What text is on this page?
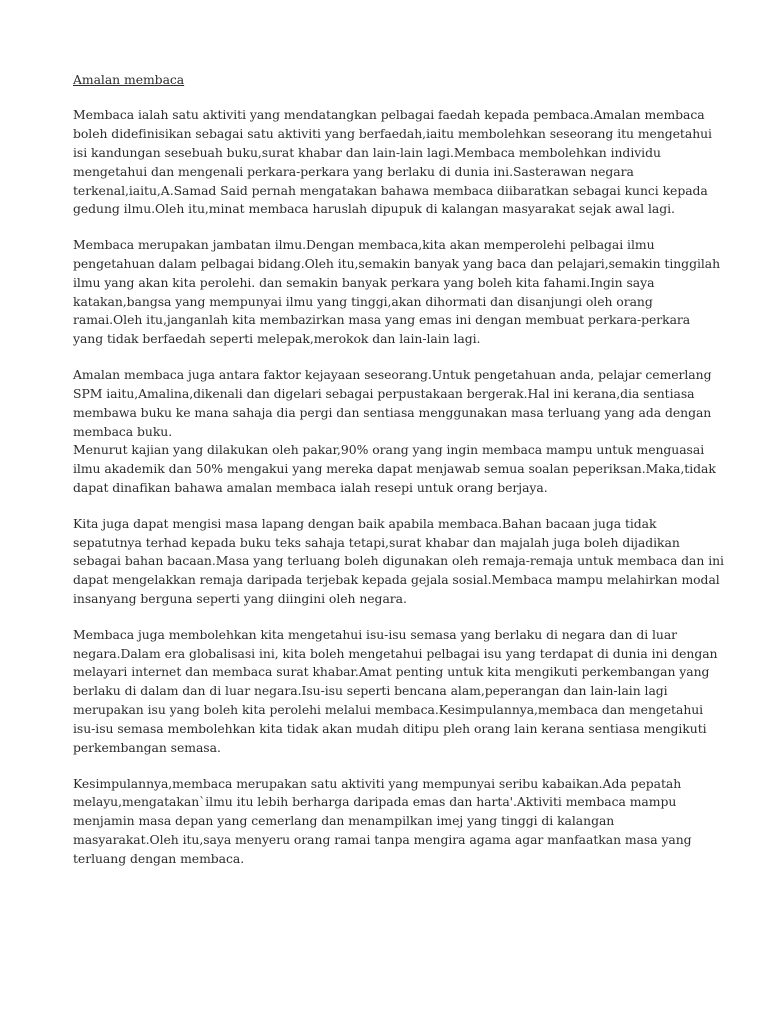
Amalan membaca
Membaca ialah satu aktiviti yang mendatangkan pelbagai faedah kepada pembaca.Amalan membaca
boleh didefinisikan sebagai satu aktiviti yang berfaedah,iaitu membolehkan seseorang itu mengetahui
isi kandungan sesebuah buku,surat khabar dan lain-lain lagi.Membaca membolehkan individu
mengetahui dan mengenali perkara-perkara yang berlaku di dunia ini.Sasterawan negara
terkenal,iaitu,A.Samad Said pernah mengatakan bahawa membaca diibaratkan sebagai kunci kepada
gedung ilmu.Oleh itu,minat membaca haruslah dipupuk di kalangan masyarakat sejak awal lagi.
Membaca merupakan jambatan ilmu.Dengan membaca,kita akan memperolehi pelbagai ilmu
pengetahuan dalam pelbagai bidang.Oleh itu,semakin banyak yang baca dan pelajari,semakin tinggilah
ilmu yang akan kita perolehi. dan semakin banyak perkara yang boleh kita fahami.Ingin saya
katakan,bangsa yang mempunyai ilmu yang tinggi,akan dihormati dan disanjungi oleh orang
ramai.Oleh itu,janganlah kita membazirkan masa yang emas ini dengan membuat perkara-perkara
yang tidak berfaedah seperti melepak,merokok dan lain-lain lagi.
Amalan membaca juga antara faktor kejayaan seseorang.Untuk pengetahuan anda, pelajar cemerlang
SPM iaitu,Amalina,dikenali dan digelari sebagai perpustakaan bergerak.Hal ini kerana,dia sentiasa
membawa buku ke mana sahaja dia pergi dan sentiasa menggunakan masa terluang yang ada dengan
membaca buku.
Menurut kajian yang dilakukan oleh pakar,90% orang yang ingin membaca mampu untuk menguasai
ilmu akademik dan 50% mengakui yang mereka dapat menjawab semua soalan peperiksan.Maka,tidak
dapat dinafikan bahawa amalan membaca ialah resepi untuk orang berjaya.
Kita juga dapat mengisi masa lapang dengan baik apabila membaca.Bahan bacaan juga tidak
sepatutnya terhad kepada buku teks sahaja tetapi,surat khabar dan majalah juga boleh dijadikan
sebagai bahan bacaan.Masa yang terluang boleh digunakan oleh remaja-remaja untuk membaca dan ini
dapat mengelakkan remaja daripada terjebak kepada gejala sosial.Membaca mampu melahirkan modal
insanyang berguna seperti yang diingini oleh negara.
Membaca juga membolehkan kita mengetahui isu-isu semasa yang berlaku di negara dan di luar
negara.Dalam era globalisasi ini, kita boleh mengetahui pelbagai isu yang terdapat di dunia ini dengan
melayari internet dan membaca surat khabar.Amat penting untuk kita mengikuti perkembangan yang
berlaku di dalam dan di luar negara.Isu-isu seperti bencana alam,peperangan dan lain-lain lagi
merupakan isu yang boleh kita perolehi melalui membaca.Kesimpulannya,membaca dan mengetahui
isu-isu semasa membolehkan kita tidak akan mudah ditipu pleh orang lain kerana sentiasa mengikuti
perkembangan semasa.
Kesimpulannya,membaca merupakan satu aktiviti yang mempunyai seribu kabaikan.Ada pepatah
melayu,mengatakan`ilmu itu lebih berharga daripada emas dan harta'.Aktiviti membaca mampu
menjamin masa depan yang cemerlang dan menampilkan imej yang tinggi di kalangan
masyarakat.Oleh itu,saya menyeru orang ramai tanpa mengira agama agar manfaatkan masa yang
terluang dengan membaca.
